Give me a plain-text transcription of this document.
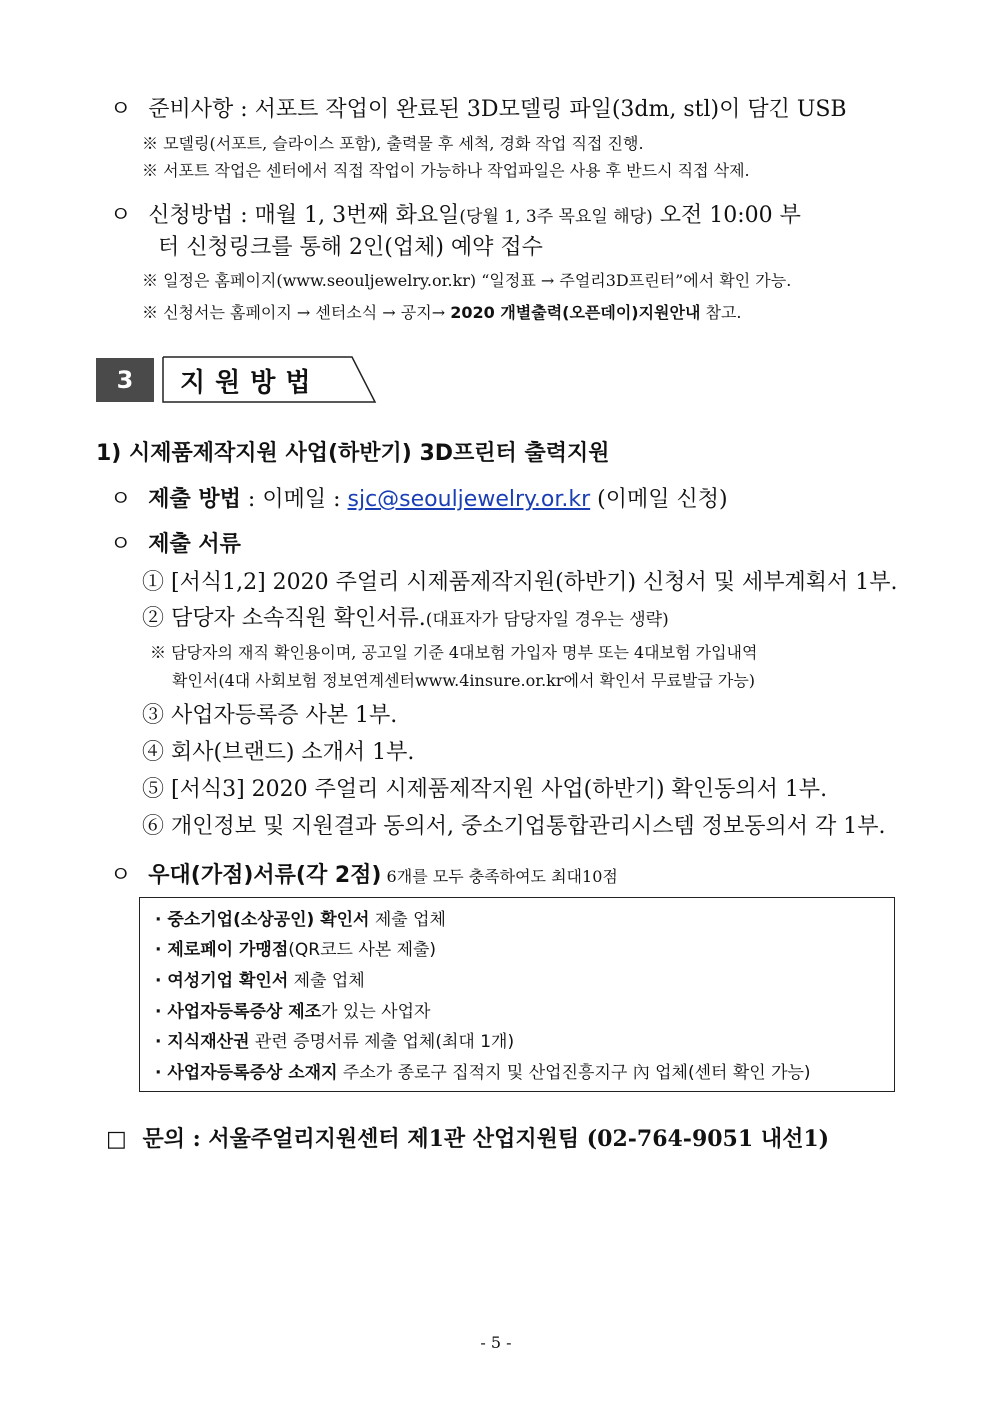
ㅇ 준비사항 : 서포트 작업이 완료된 3D모델링 파일(3dm, stl)이 담긴 USB
※ 모델링(서포트, 슬라이스 포함), 출력물 후 세척, 경화 작업 직접 진행.
※ 서포트 작업은 센터에서 직접 작업이 가능하나 작업파일은 사용 후 반드시 직접 삭제.
ㅇ 신청방법 : 매월 1, 3번째 화요일(당월 1, 3주 목요일 해당) 오전 10:00 부
터 신청링크를 통해 2인(업체) 예약 접수
※ 일정은 홈페이지(www.seouljewelry.or.kr) “일정표 → 주얼리3D프린터”에서 확인 가능.
※ 신청서는 홈페이지 → 센터소식 → 공지→ 2020 개별출력(오픈데이)지원안내 참고.
3	지원방법
1) 시제품제작지원 사업(하반기) 3D프린터 출력지원
ㅇ 제출 방법 : 이메일 : sjc@seouljewelry.or.kr (이메일 신청)
ㅇ 제출 서류
① [서식1,2] 2020 주얼리 시제품제작지원(하반기) 신청서 및 세부계획서 1부.
② 담당자 소속직원 확인서류.(대표자가 담당자일 경우는 생략)
※ 담당자의 재직 확인용이며, 공고일 기준 4대보험 가입자 명부 또는 4대보험 가입내역
확인서(4대 사회보험 정보연계센터www.4insure.or.kr에서 확인서 무료발급 가능)
③ 사업자등록증 사본 1부.
④ 회사(브랜드) 소개서 1부.
⑤ [서식3] 2020 주얼리 시제품제작지원 사업(하반기) 확인동의서 1부.
⑥ 개인정보 및 지원결과 동의서, 중소기업통합관리시스템 정보동의서 각 1부.
ㅇ 우대(가점)서류(각 2점) 6개를 모두 충족하여도 최대10점
· 중소기업(소상공인) 확인서 제출 업체
· 제로페이 가맹점(QR코드 사본 제출)
· 여성기업 확인서 제출 업체
· 사업자등록증상 제조가 있는 사업자
· 지식재산권 관련 증명서류 제출 업체(최대 1개)
· 사업자등록증상 소재지 주소가 종로구 집적지 및 산업진흥지구 內 업체(센터 확인 가능)
□ 문의 : 서울주얼리지원센터 제1관 산업지원팀 (02-764-9051 내선1)
- 5 -
